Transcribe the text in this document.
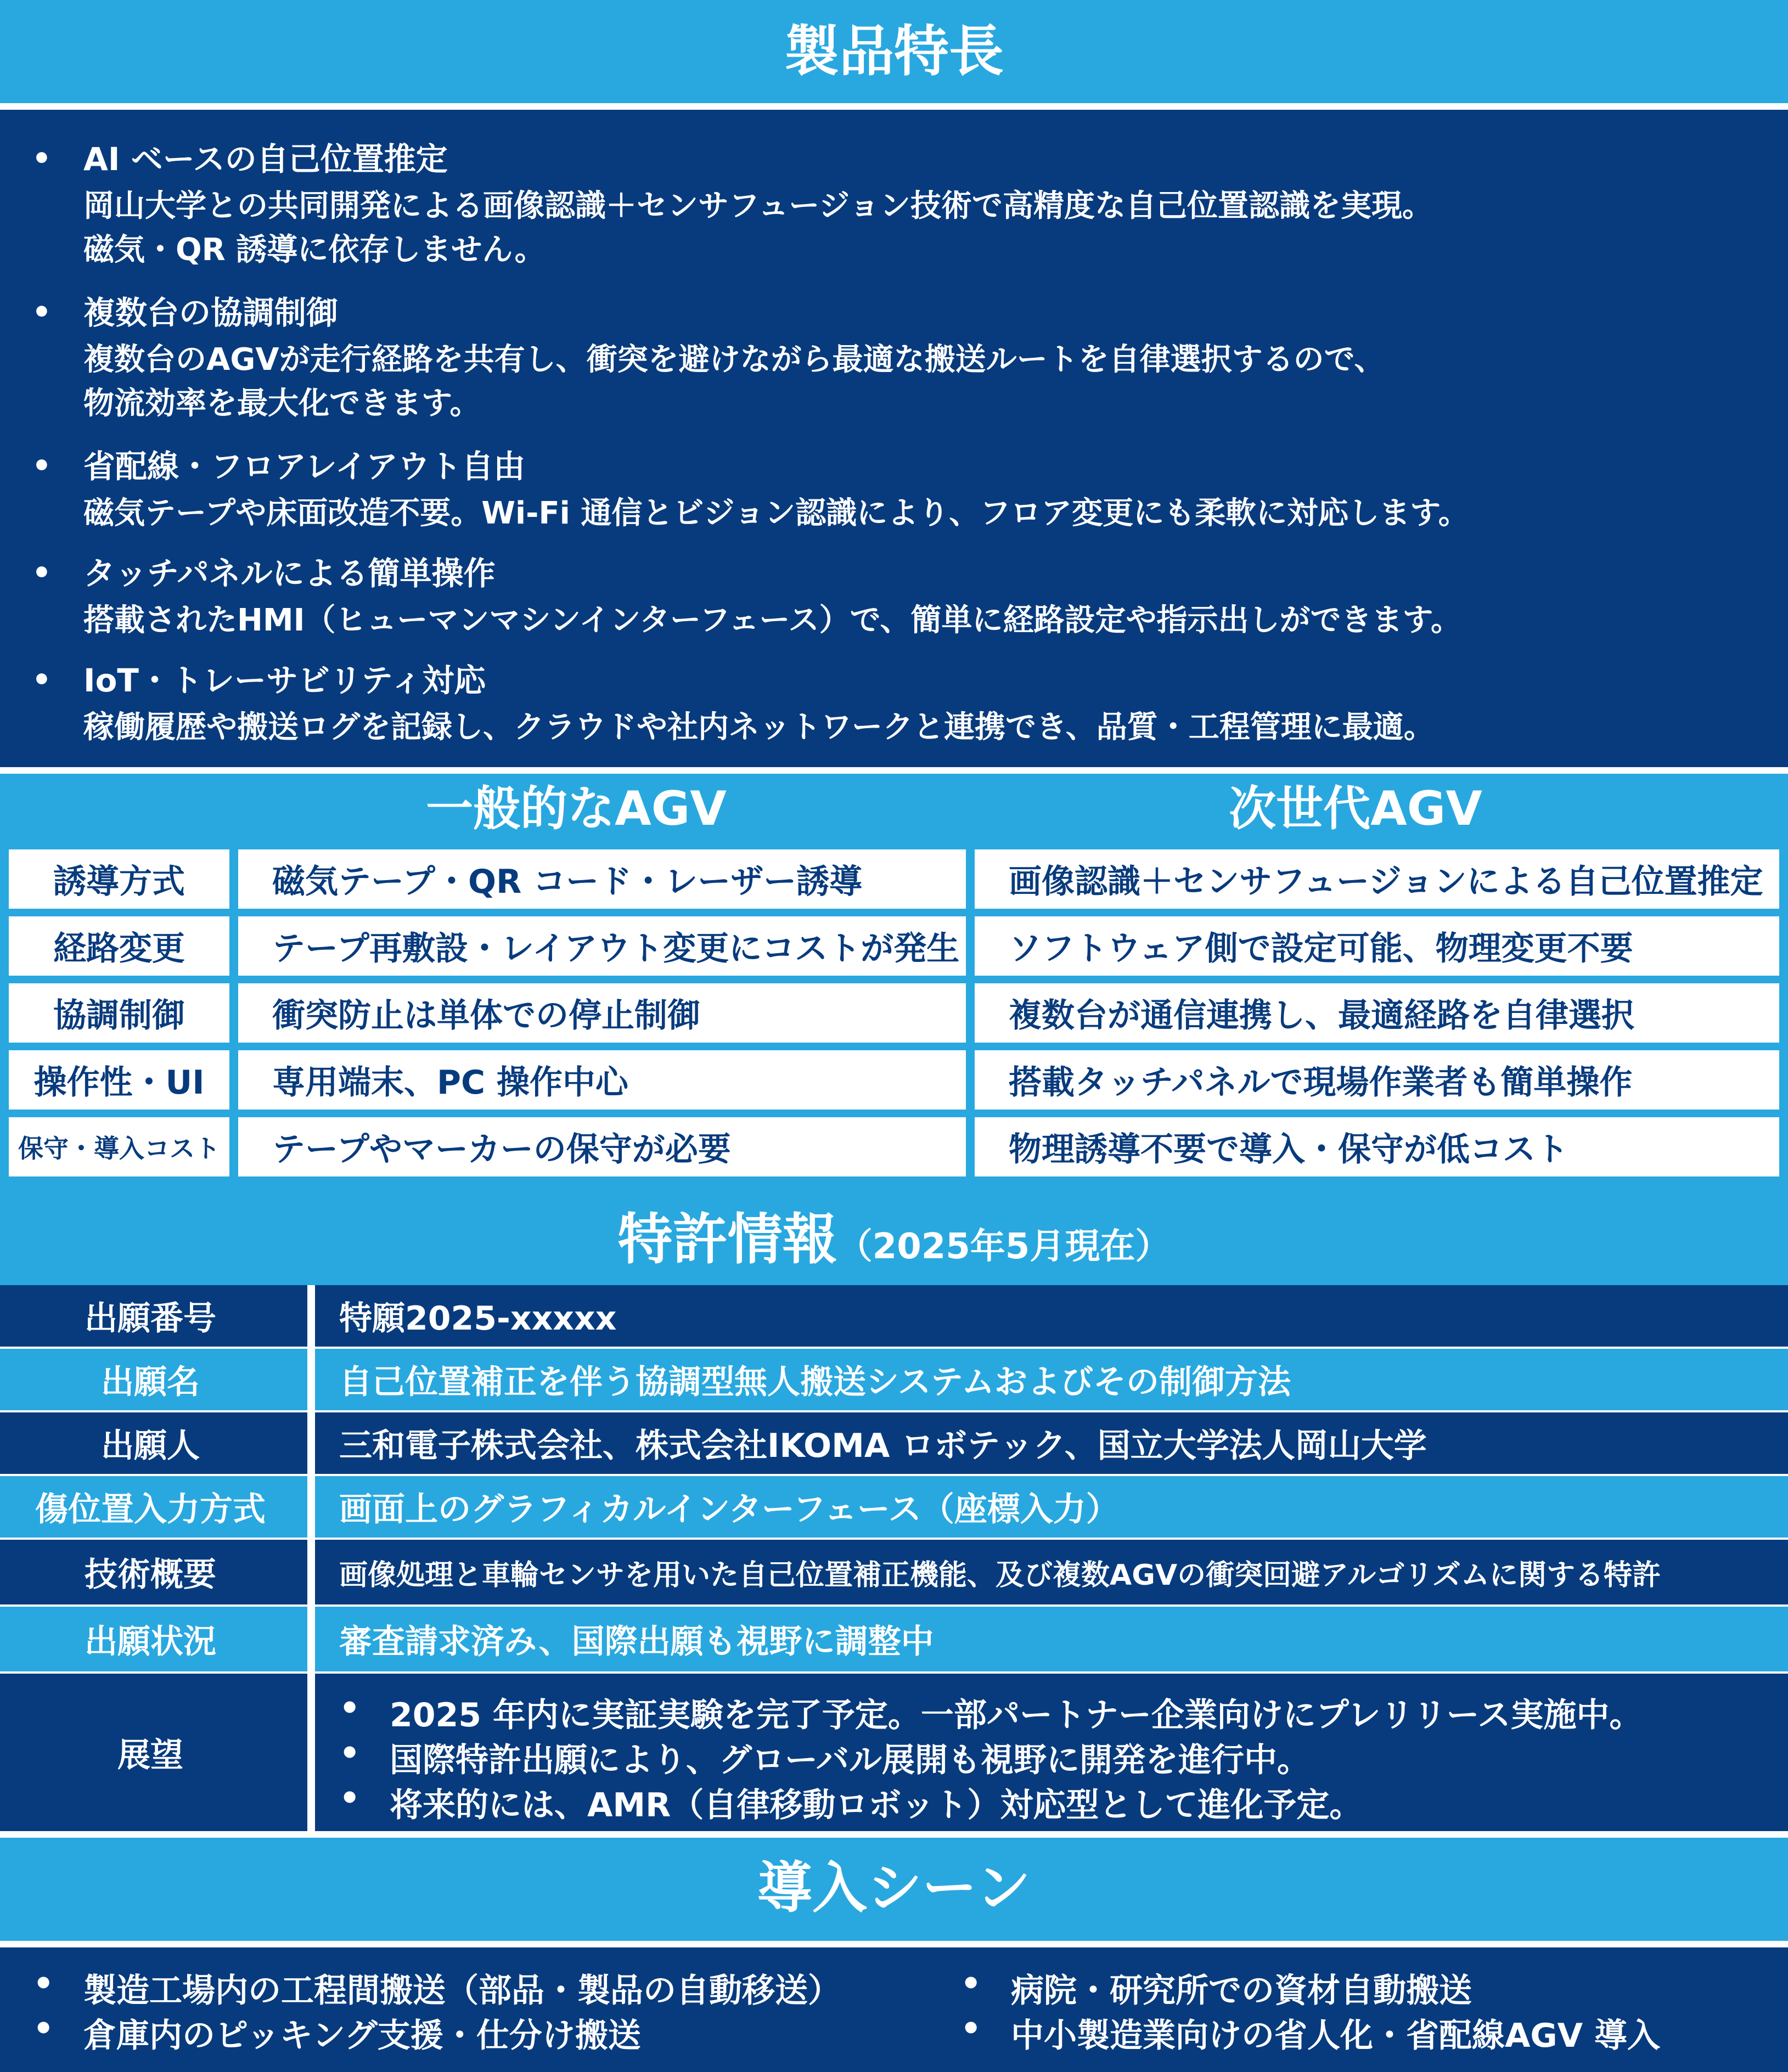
製品特長
• AI ベースの自己位置推定
岡山大学との共同開発による画像認識＋センサフュージョン技術で高精度な自己位置認識を実現。
磁気・QR 誘導に依存しません。
• 複数台の協調制御
複数台のAGVが走行経路を共有し、衝突を避けながら最適な搬送ルートを自律選択するので、
物流効率を最大化できます。
• 省配線・フロアレイアウト自由
磁気テープや床面改造不要。Wi-Fi 通信とビジョン認識により、フロア変更にも柔軟に対応します。
• タッチパネルによる簡単操作
搭載されたHMI（ヒューマンマシンインターフェース）で、簡単に経路設定や指示出しができます。
• IoT・トレーサビリティ対応
稼働履歴や搬送ログを記録し、クラウドや社内ネットワークと連携でき、品質・工程管理に最適。
一般的なAGV	次世代AGV
誘導方式	磁気テープ・QR コード・レーザー誘導	画像認識＋センサフュージョンによる自己位置推定
経路変更	テープ再敷設・レイアウト変更にコストが発生	ソフトウェア側で設定可能、物理変更不要
協調制御	衝突防止は単体での停止制御	複数台が通信連携し、最適経路を自律選択
操作性・UI	専用端末、PC 操作中心	搭載タッチパネルで現場作業者も簡単操作
保守・導入コスト	テープやマーカーの保守が必要	物理誘導不要で導入・保守が低コスト
特許情報 （2025年5月現在）
出願番号	特願2025-xxxxx
出願名	自己位置補正を伴う協調型無人搬送システムおよびその制御方法
出願人	三和電子株式会社、株式会社IKOMA ロボテック、国立大学法人岡山大学
傷位置入力方式	画面上のグラフィカルインターフェース（座標入力）
技術概要	画像処理と車輪センサを用いた自己位置補正機能、及び複数AGVの衝突回避アルゴリズムに関する特許
出願状況	審査請求済み、国際出願も視野に調整中
展望
• 2025 年内に実証実験を完了予定。一部パートナー企業向けにプレリリース実施中。
• 国際特許出願により、グローバル展開も視野に開発を進行中。
• 将来的には、AMR（自律移動ロボット）対応型として進化予定。
導入シーン
• 製造工場内の工程間搬送（部品・製品の自動移送）	• 病院・研究所での資材自動搬送
• 倉庫内のピッキング支援・仕分け搬送	• 中小製造業向けの省人化・省配線AGV 導入
